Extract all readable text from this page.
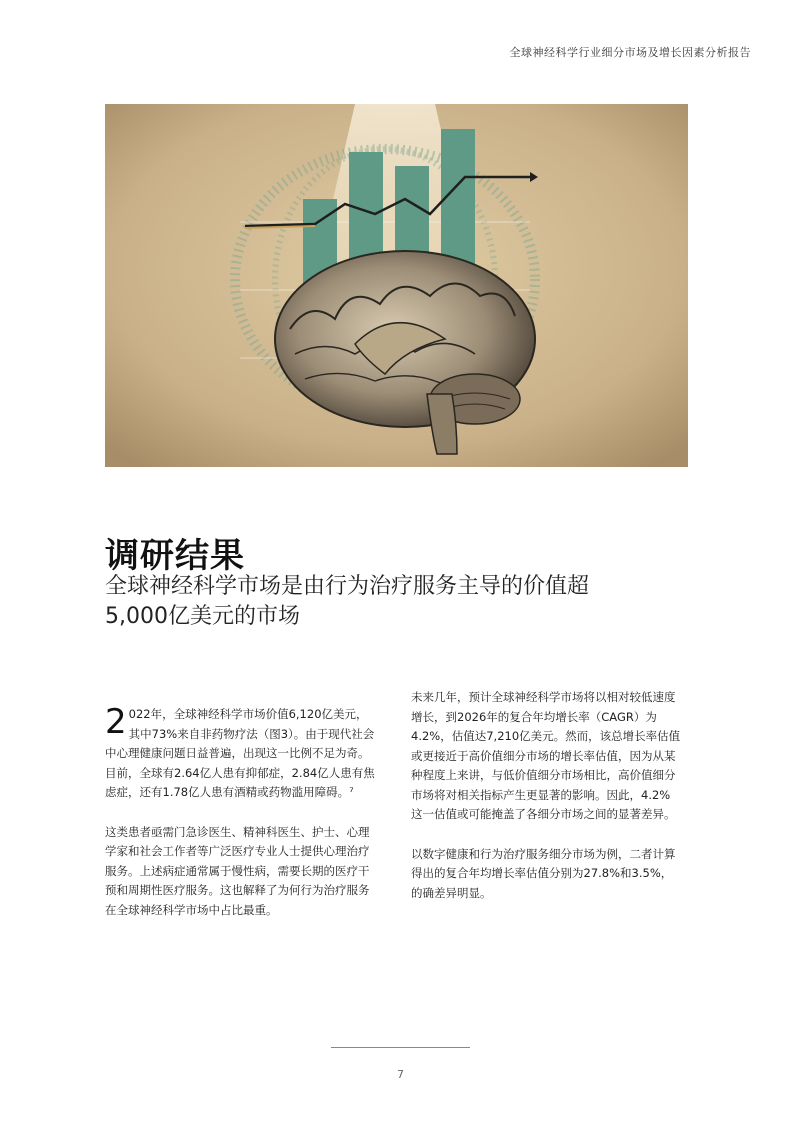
全球神经科学行业细分市场及增长因素分析报告
调研结果
全球神经科学市场是由行为治疗服务主导的价值超5,000亿美元的市场

2 022年，全球神经科学市场价值6,120亿美元，其中73%来自非药物疗法（图3）。由于现代社会中心理健康问题日益普遍，出现这一比例不足为奇。目前，全球有2.64亿人患有抑郁症，2.84亿人患有焦虑症，还有1.78亿人患有酒精或药物滥用障碍。⁷

这类患者亟需门急诊医生、精神科医生、护士、心理学家和社会工作者等广泛医疗专业人士提供心理治疗服务。上述病症通常属于慢性病，需要长期的医疗干预和周期性医疗服务。这也解释了为何行为治疗服务在全球神经科学市场中占比最重。

未来几年，预计全球神经科学市场将以相对较低速度增长，到2026年的复合年均增长率（CAGR）为4.2%，估值达7,210亿美元。然而，该总增长率估值或更接近于高价值细分市场的增长率估值，因为从某种程度上来讲，与低价值细分市场相比，高价值细分市场将对相关指标产生更显著的影响。因此，4.2%这一估值或可能掩盖了各细分市场之间的显著差异。

以数字健康和行为治疗服务细分市场为例，二者计算得出的复合年均增长率估值分别为27.8%和3.5%，的确差异明显。

7
